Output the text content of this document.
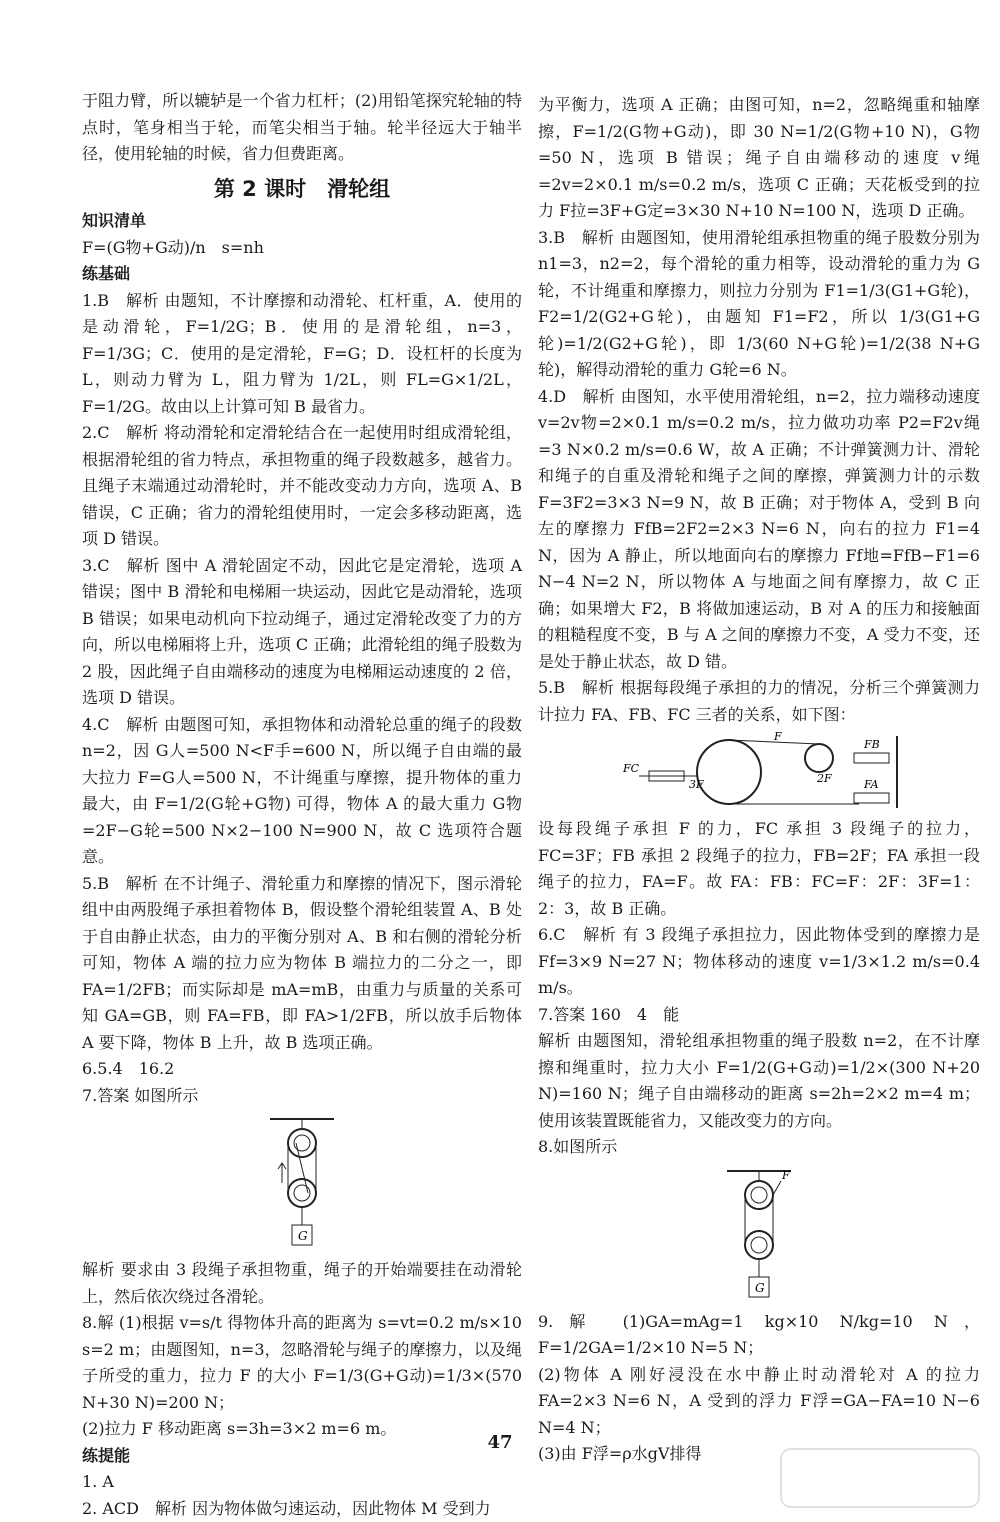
于阻力臂，所以辘轳是一个省力杠杆；(2)用铅笔探究轮轴的特点时，笔身相当于轮，而笔尖相当于轴。轮半径远大于轴半径，使用轮轴的时候，省力但费距离。

第 2 课时　滑轮组
知识清单

F=(G物+G动)/n　s=nh

练基础

1.B　解析 由题知，不计摩擦和动滑轮、杠杆重，A．使用的是动滑轮，F=1/2G；B．使用的是滑轮组，n=3，F=1/3G；C．使用的是定滑轮，F=G；D．设杠杆的长度为 L，则动力臂为 L，阻力臂为 1/2L，则 FL=G×1/2L，F=1/2G。故由以上计算可知 B 最省力。

2.C　解析 将动滑轮和定滑轮结合在一起使用时组成滑轮组，根据滑轮组的省力特点，承担物重的绳子段数越多，越省力。且绳子末端通过动滑轮时，并不能改变动力方向，选项 A、B 错误，C 正确；省力的滑轮组使用时，一定会多移动距离，选项 D 错误。

3.C　解析 图中 A 滑轮固定不动，因此它是定滑轮，选项 A 错误；图中 B 滑轮和电梯厢一块运动，因此它是动滑轮，选项 B 错误；如果电动机向下拉动绳子，通过定滑轮改变了力的方向，所以电梯厢将上升，选项 C 正确；此滑轮组的绳子股数为 2 股，因此绳子自由端移动的速度为电梯厢运动速度的 2 倍，选项 D 错误。

4.C　解析 由题图可知，承担物体和动滑轮总重的绳子的段数 n=2，因 G人=500 N<F手=600 N，所以绳子自由端的最大拉力 F=G人=500 N，不计绳重与摩擦，提升物体的重力最大，由 F=1/2(G轮+G物) 可得，物体 A 的最大重力 G物=2F−G轮=500 N×2−100 N=900 N，故 C 选项符合题意。

5.B　解析 在不计绳子、滑轮重力和摩擦的情况下，图示滑轮组中由两股绳子承担着物体 B，假设整个滑轮组装置 A、B 处于自由静止状态，由力的平衡分别对 A、B 和右侧的滑轮分析可知，物体 A 端的拉力应为物体 B 端拉力的二分之一，即 FA=1/2FB；而实际却是 mA=mB，由重力与质量的关系可知 GA=GB，则 FA=FB，即 FA>1/2FB，所以放手后物体 A 要下降，物体 B 上升，故 B 选项正确。

6.5.4　16.2

7.答案 如图所示

G

解析 要求由 3 段绳子承担物重，绳子的开始端要挂在动滑轮上，然后依次绕过各滑轮。

8.解 (1)根据 v=s/t 得物体升高的距离为 s=vt=0.2 m/s×10 s=2 m；由题图知，n=3，忽略滑轮与绳子的摩擦力，以及绳子所受的重力，拉力 F 的大小 F=1/3(G+G动)=1/3×(570 N+30 N)=200 N；

(2)拉力 F 移动距离 s=3h=3×2 m=6 m。

练提能

1. A

2. ACD　解析 因为物体做匀速运动，因此物体 M 受到力

为平衡力，选项 A 正确；由图可知，n=2，忽略绳重和轴摩擦，F=1/2(G物+G动)，即 30 N=1/2(G物+10 N)，G物=50 N，选项 B 错误；绳子自由端移动的速度 v绳=2v=2×0.1 m/s=0.2 m/s，选项 C 正确；天花板受到的拉力 F拉=3F+G定=3×30 N+10 N=100 N，选项 D 正确。

3.B　解析 由题图知，使用滑轮组承担物重的绳子股数分别为 n1=3，n2=2，每个滑轮的重力相等，设动滑轮的重力为 G轮，不计绳重和摩擦力，则拉力分别为 F1=1/3(G1+G轮)，F2=1/2(G2+G轮)，由题知 F1=F2，所以 1/3(G1+G轮)=1/2(G2+G轮)，即 1/3(60 N+G轮)=1/2(38 N+G轮)，解得动滑轮的重力 G轮=6 N。

4.D　解析 由图知，水平使用滑轮组，n=2，拉力端移动速度 v=2v物=2×0.1 m/s=0.2 m/s，拉力做功功率 P2=F2v绳=3 N×0.2 m/s=0.6 W，故 A 正确；不计弹簧测力计、滑轮和绳子的自重及滑轮和绳子之间的摩擦，弹簧测力计的示数 F=3F2=3×3 N=9 N，故 B 正确；对于物体 A，受到 B 向左的摩擦力 FfB=2F2=2×3 N=6 N，向右的拉力 F1=4 N，因为 A 静止，所以地面向右的摩擦力 Ff地=FfB−F1=6 N−4 N=2 N，所以物体 A 与地面之间有摩擦力，故 C 正确；如果增大 F2，B 将做加速运动，B 对 A 的压力和接触面的粗糙程度不变，B 与 A 之间的摩擦力不变，A 受力不变，还是处于静止状态，故 D 错。

5.B　解析 根据每段绳子承担的力的情况，分析三个弹簧测力计拉力 FA、FB、FC 三者的关系，如下图：

FC
FB
FA
3F	2F
F

设每段绳子承担 F 的力，FC 承担 3 段绳子的拉力，FC=3F；FB 承担 2 段绳子的拉力，FB=2F；FA 承担一段绳子的拉力，FA=F。故 FA：FB：FC=F：2F：3F=1：2：3，故 B 正确。

6.C　解析 有 3 段绳子承担拉力，因此物体受到的摩擦力是 Ff=3×9 N=27 N；物体移动的速度 v=1/3×1.2 m/s=0.4 m/s。

7.答案 160　4　能

解析 由题图知，滑轮组承担物重的绳子股数 n=2，在不计摩擦和绳重时，拉力大小 F=1/2(G+G动)=1/2×(300 N+20 N)=160 N；绳子自由端移动的距离 s=2h=2×2 m=4 m；使用该装置既能省力，又能改变力的方向。

8.如图所示

F
G

9.解 (1)GA=mAg=1 kg×10 N/kg=10 N，F=1/2GA=1/2×10 N=5 N；

(2)物体 A 刚好浸没在水中静止时动滑轮对 A 的拉力 FA=2×3 N=6 N，A 受到的浮力 F浮=GA−FA=10 N−6 N=4 N；

(3)由 F浮=ρ水gV排得

47
